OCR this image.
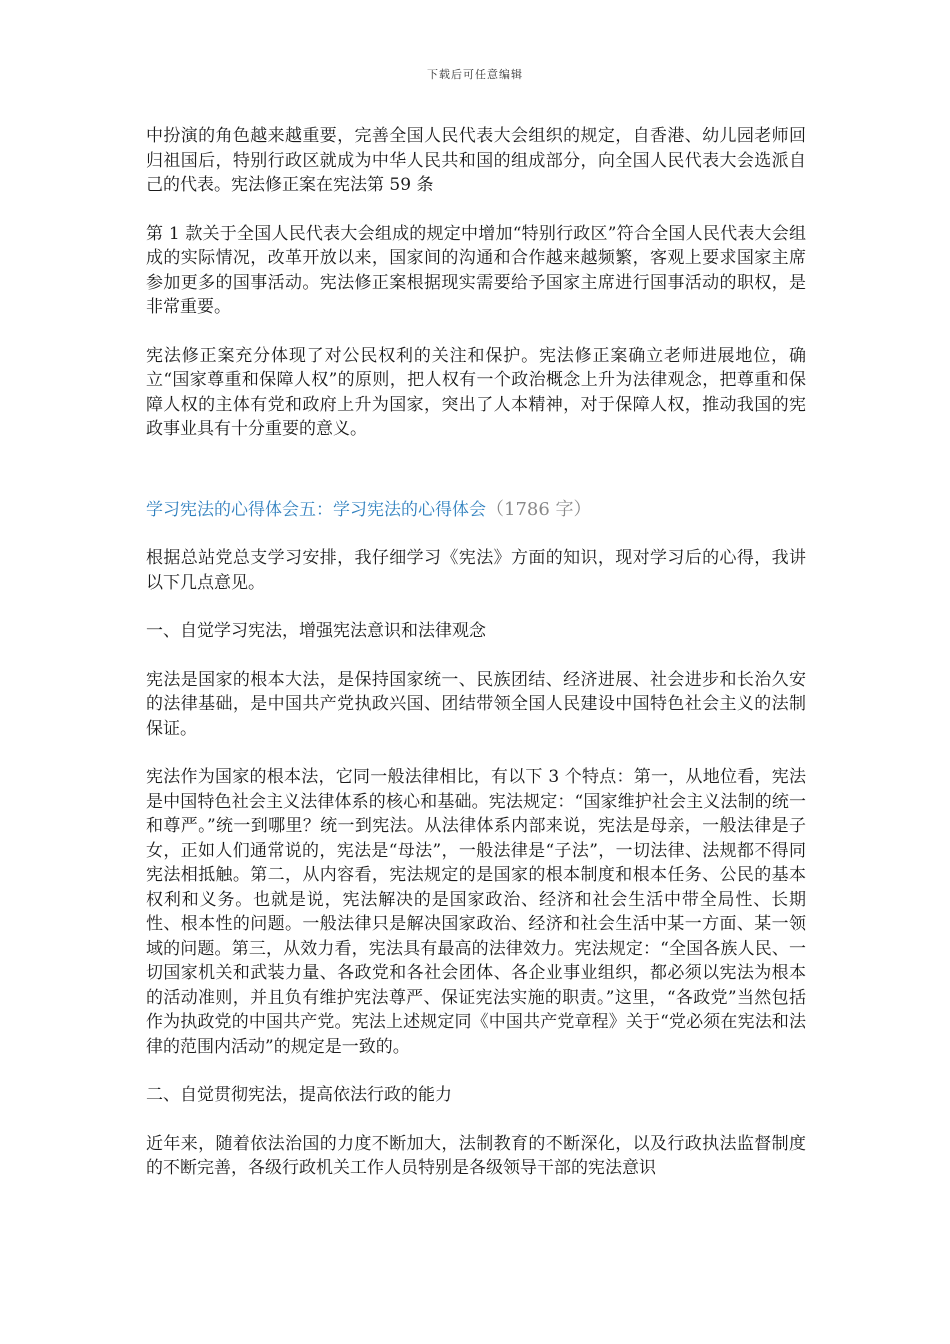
下载后可任意编辑

中扮演的角色越来越重要，完善全国人民代表大会组织的规定，自香港、幼儿园老师回归祖国后，特别行政区就成为中华人民共和国的组成部分，向全国人民代表大会选派自己的代表。宪法修正案在宪法第 59 条

第 1 款关于全国人民代表大会组成的规定中增加“特别行政区”符合全国人民代表大会组成的实际情况，改革开放以来，国家间的沟通和合作越来越频繁，客观上要求国家主席参加更多的国事活动。宪法修正案根据现实需要给予国家主席进行国事活动的职权，是非常重要。

宪法修正案充分体现了对公民权利的关注和保护。宪法修正案确立老师进展地位，确立“国家尊重和保障人权”的原则，把人权有一个政治概念上升为法律观念，把尊重和保障人权的主体有党和政府上升为国家，突出了人本精神，对于保障人权，推动我国的宪政事业具有十分重要的意义。

学习宪法的心得体会五：学习宪法的心得体会（1786 字）

根据总站党总支学习安排，我仔细学习《宪法》方面的知识，现对学习后的心得，我讲以下几点意见。

一、自觉学习宪法，增强宪法意识和法律观念

宪法是国家的根本大法，是保持国家统一、民族团结、经济进展、社会进步和长治久安的法律基础，是中国共产党执政兴国、团结带领全国人民建设中国特色社会主义的法制保证。

宪法作为国家的根本法，它同一般法律相比，有以下 3 个特点：第一，从地位看，宪法是中国特色社会主义法律体系的核心和基础。宪法规定：“国家维护社会主义法制的统一和尊严。”统一到哪里？统一到宪法。从法律体系内部来说，宪法是母亲，一般法律是子女，正如人们通常说的，宪法是“母法”，一般法律是“子法”，一切法律、法规都不得同宪法相抵触。第二，从内容看，宪法规定的是国家的根本制度和根本任务、公民的基本权利和义务。也就是说，宪法解决的是国家政治、经济和社会生活中带全局性、长期性、根本性的问题。一般法律只是解决国家政治、经济和社会生活中某一方面、某一领域的问题。第三，从效力看，宪法具有最高的法律效力。宪法规定：“全国各族人民、一切国家机关和武装力量、各政党和各社会团体、各企业事业组织，都必须以宪法为根本的活动准则，并且负有维护宪法尊严、保证宪法实施的职责。”这里，“各政党”当然包括作为执政党的中国共产党。宪法上述规定同《中国共产党章程》关于“党必须在宪法和法律的范围内活动”的规定是一致的。

二、自觉贯彻宪法，提高依法行政的能力

近年来，随着依法治国的力度不断加大，法制教育的不断深化，以及行政执法监督制度的不断完善，各级行政机关工作人员特别是各级领导干部的宪法意识
